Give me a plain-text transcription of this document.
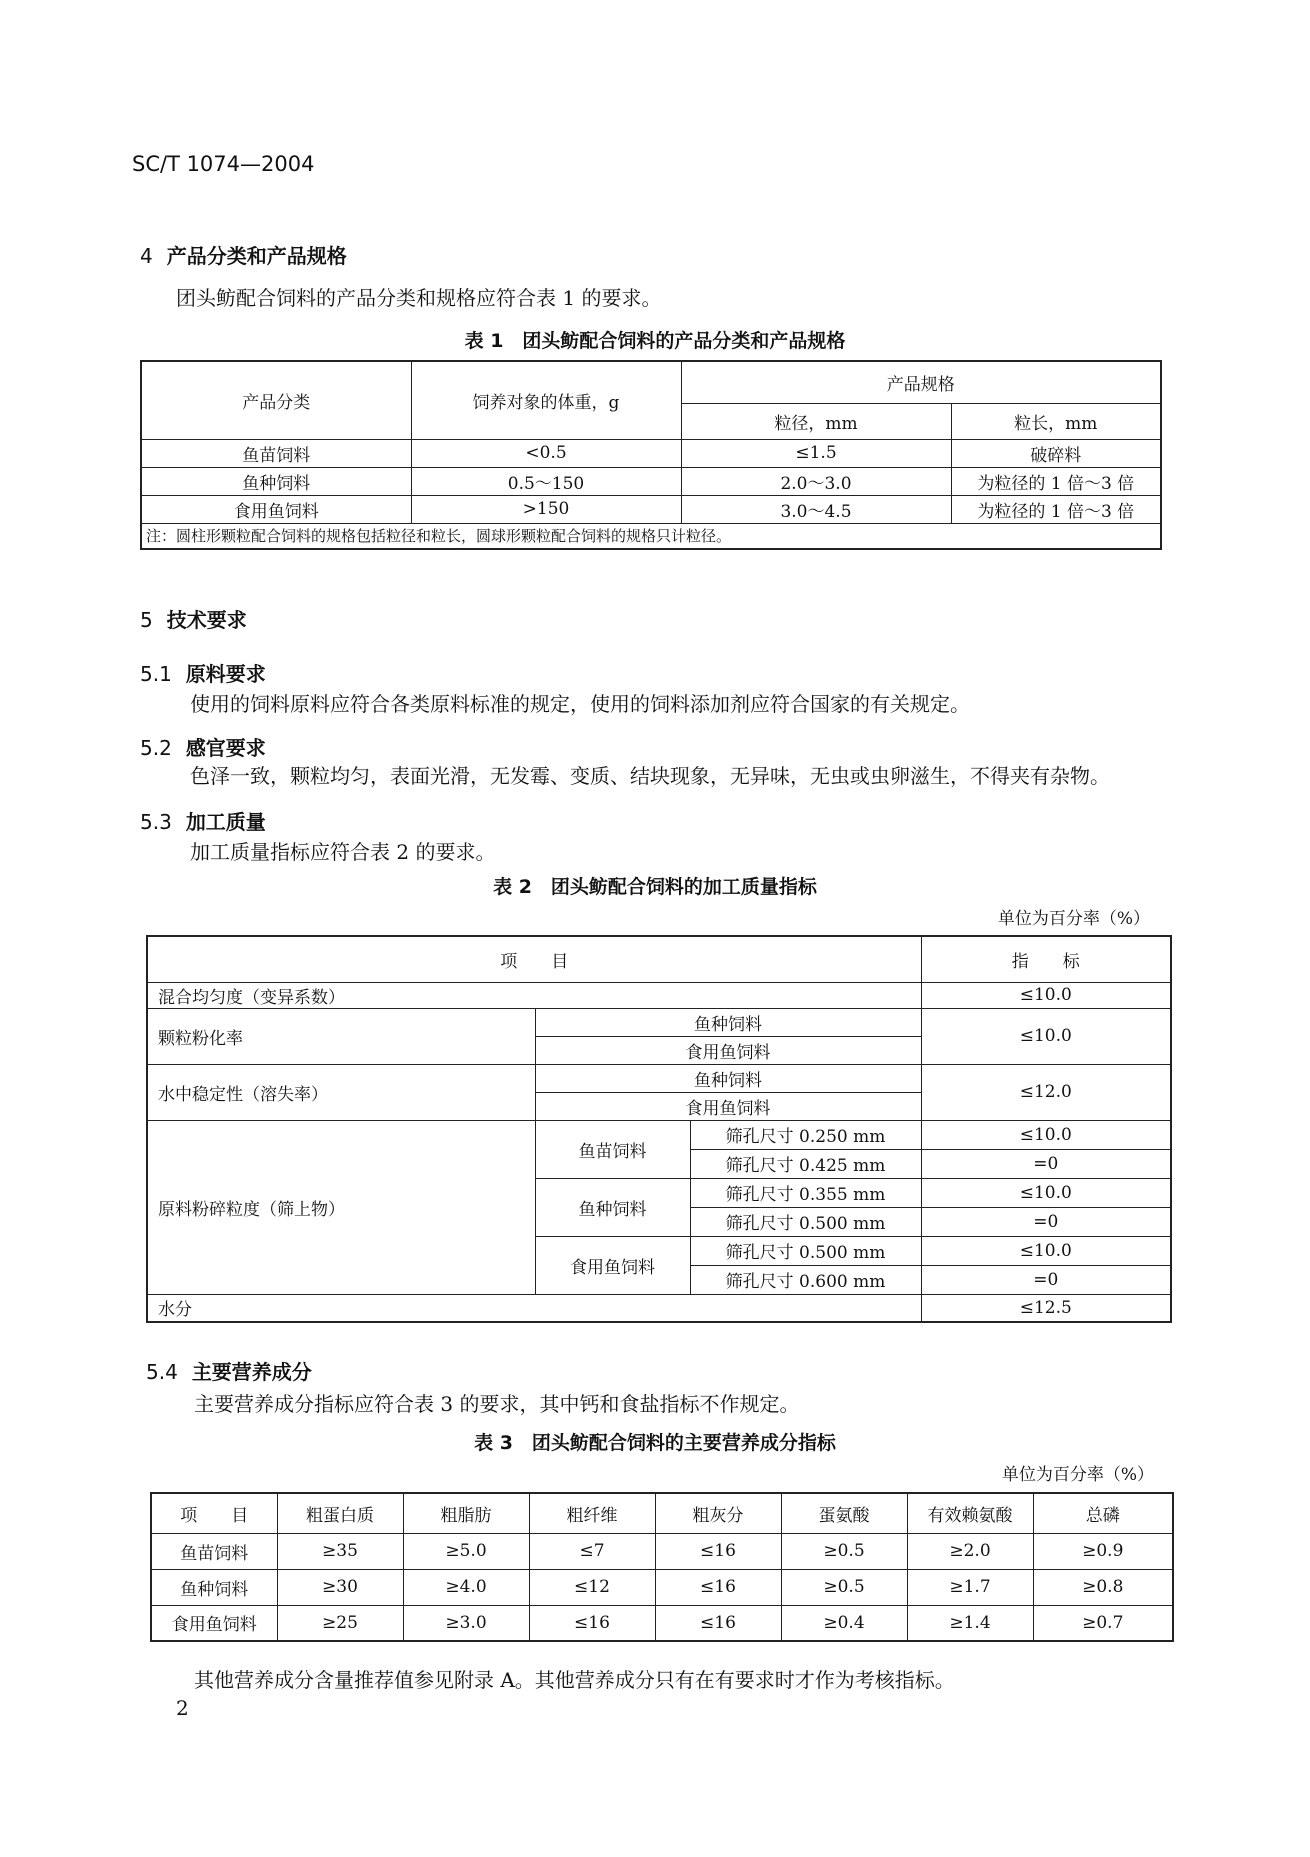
SC/T 1074—2004
4 产品分类和产品规格
团头鲂配合饲料的产品分类和规格应符合表 1 的要求。
表 1　团头鲂配合饲料的产品分类和产品规格
产品分类	饲养对象的体重，g	产品规格	
		粒径，mm	粒长，mm
鱼苗饲料	<0.5	≤1.5	破碎料
鱼种饲料	0.5～150	2.0～3.0	为粒径的 1 倍～3 倍
食用鱼饲料	>150	3.0～4.5	为粒径的 1 倍～3 倍
注：圆柱形颗粒配合饲料的规格包括粒径和粒长，圆球形颗粒配合饲料的规格只计粒径。			
5 技术要求
5.1 原料要求
使用的饲料原料应符合各类原料标准的规定，使用的饲料添加剂应符合国家的有关规定。
5.2 感官要求
色泽一致，颗粒均匀，表面光滑，无发霉、变质、结块现象，无异味，无虫或虫卵滋生，不得夹有杂物。
5.3 加工质量
加工质量指标应符合表 2 的要求。
表 2　团头鲂配合饲料的加工质量指标
单位为百分率（%）
项　　目			指　　标
混合均匀度（变异系数）			≤10.0
颗粒粉化率	鱼种饲料		≤10.0
	食用鱼饲料		
水中稳定性（溶失率）	鱼种饲料		≤12.0
	食用鱼饲料		
原料粉碎粒度（筛上物）	鱼苗饲料	筛孔尺寸 0.250 mm	≤10.0
		筛孔尺寸 0.425 mm	=0
	鱼种饲料	筛孔尺寸 0.355 mm	≤10.0
		筛孔尺寸 0.500 mm	=0
	食用鱼饲料	筛孔尺寸 0.500 mm	≤10.0
		筛孔尺寸 0.600 mm	=0
水分			≤12.5
5.4 主要营养成分
主要营养成分指标应符合表 3 的要求，其中钙和食盐指标不作规定。
表 3　团头鲂配合饲料的主要营养成分指标
单位为百分率（%）
项　　目	粗蛋白质	粗脂肪	粗纤维	粗灰分	蛋氨酸	有效赖氨酸	总磷
鱼苗饲料	≥35	≥5.0	≤7	≤16	≥0.5	≥2.0	≥0.9
鱼种饲料	≥30	≥4.0	≤12	≤16	≥0.5	≥1.7	≥0.8
食用鱼饲料	≥25	≥3.0	≤16	≤16	≥0.4	≥1.4	≥0.7
其他营养成分含量推荐值参见附录 A。其他营养成分只有在有要求时才作为考核指标。
2
